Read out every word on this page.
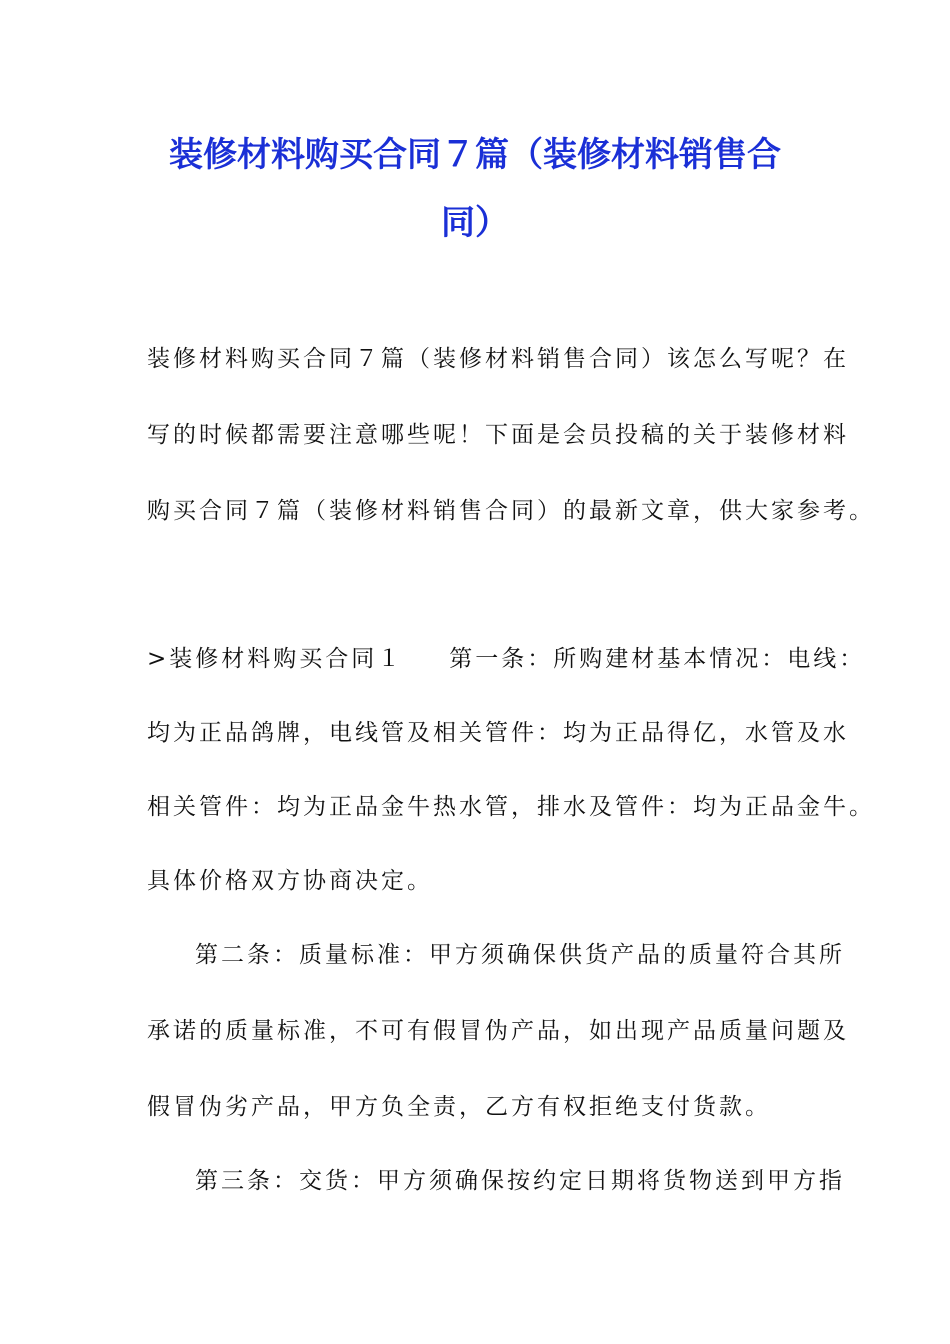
装修材料购买合同７篇（装修材料销售合
同）
装修材料购买合同７篇（装修材料销售合同）该怎么写呢？在
写的时候都需要注意哪些呢！下面是会员投稿的关于装修材料
购买合同７篇（装修材料销售合同）的最新文章，供大家参考。
>装修材料购买合同１ 第一条：所购建材基本情况：电线：
均为正品鸽牌，电线管及相关管件：均为正品得亿，水管及水
相关管件：均为正品金牛热水管，排水及管件：均为正品金牛。
具体价格双方协商决定。
第二条：质量标准：甲方须确保供货产品的质量符合其所
承诺的质量标准，不可有假冒伪产品，如出现产品质量问题及
假冒伪劣产品，甲方负全责，乙方有权拒绝支付货款。
第三条：交货：甲方须确保按约定日期将货物送到甲方指
